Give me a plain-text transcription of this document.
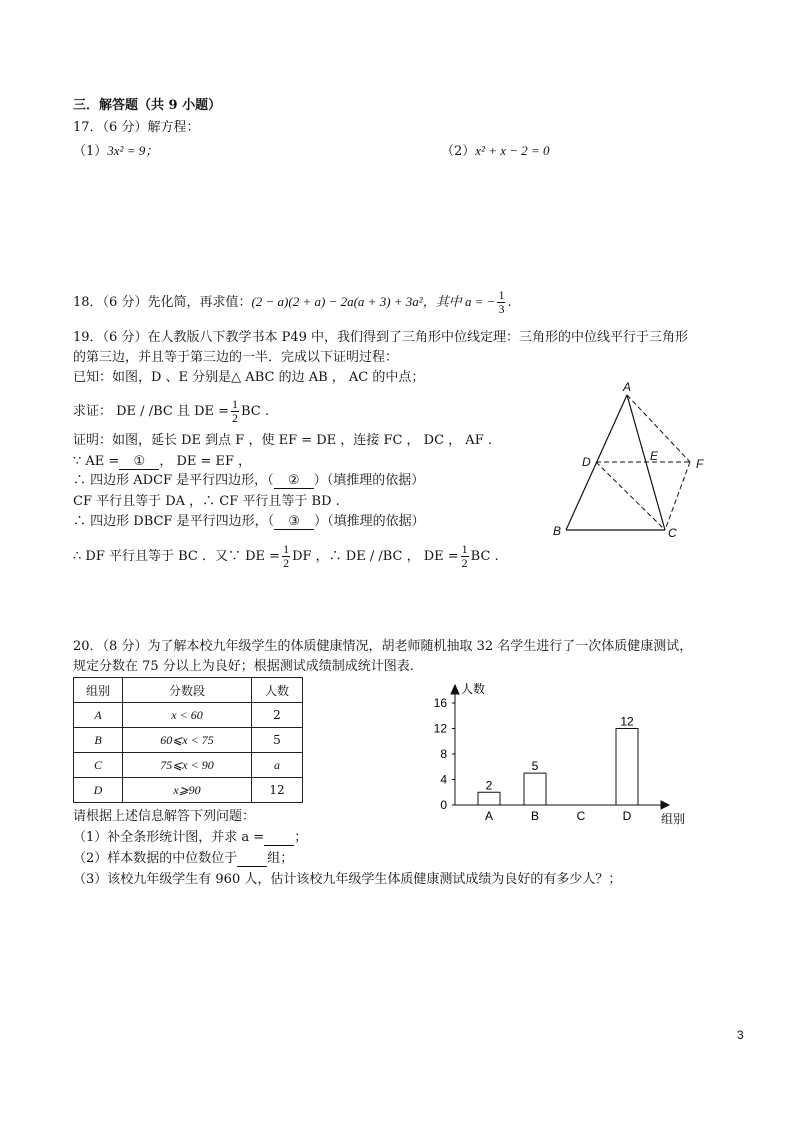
三．解答题（共 9 小题）
17．（6 分）解方程：
（1）3x² = 9；	（2）x² + x − 2 = 0
18．（6 分）先化简，再求值：(2 − a)(2 + a) − 2a(a + 3) + 3a²，其中 a = − $\frac{1}{3}$ .
19．（6 分）在人教版八下教学书本 P49 中，我们得到了三角形中位线定理：三角形的中位线平行于三角形
的第三边，并且等于第三边的一半．完成以下证明过程：
已知：如图，D 、E 分别是△ ABC 的边 AB ， AC 的中点；
求证： DE / /BC 且 DE = $\frac{1}{2}$ BC .
证明：如图，延长 DE 到点 F ，使 EF = DE ，连接 FC ， DC ， AF .
∵ AE = ① ， DE = EF ，
∴ 四边形 ADCF 是平行四边形，（ ② ）（填推理的依据）
CF 平行且等于 DA ，∴ CF 平行且等于 BD .
∴ 四边形 DBCF 是平行四边形，（ ③ ）（填推理的依据）
∴ DF 平行且等于 BC ．又∵ DE = $\frac{1}{2}$ DF ，∴ DE / /BC ， DE = $\frac{1}{2}$ BC .
A
B	C
D	E
F
20．（8 分）为了解本校九年级学生的体质健康情况，胡老师随机抽取 32 名学生进行了一次体质健康测试，
规定分数在 75 分以上为良好；根据测试成绩制成统计图表.
组别	分数段	人数
A	x < 60	2
B	60⩽x < 75	5
C	75⩽x < 90	a
D	x⩾90	12
0
4
8
12
16
A
2
B
5
C	D
12
人数
组别
请根据上述信息解答下列问题：
（1）补全条形统计图，并求 a = ；
（2）样本数据的中位数位于 组；
（3）该校九年级学生有 960 人，估计该校九年级学生体质健康测试成绩为良好的有多少人？；
3
